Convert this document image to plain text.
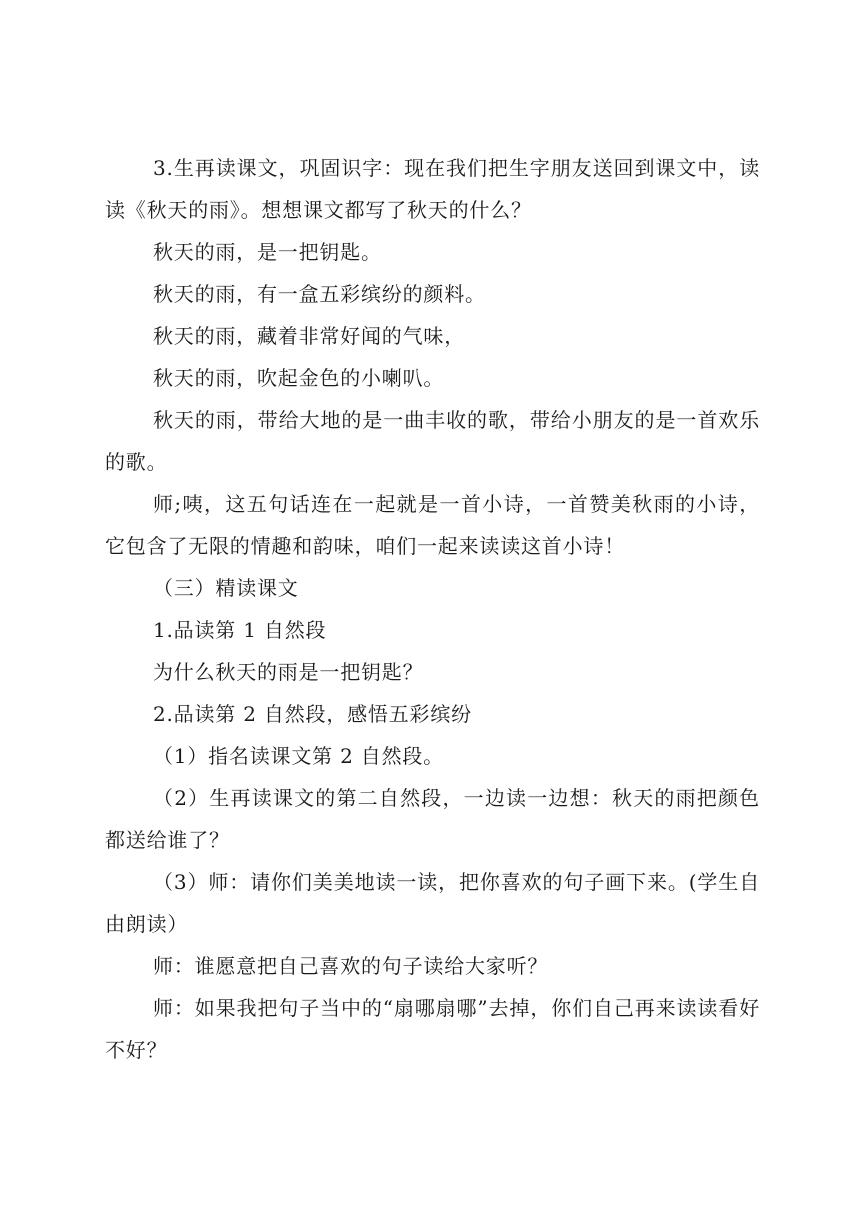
3.生再读课文，巩固识字：现在我们把生字朋友送回到课文中，读读《秋天的雨》。想想课文都写了秋天的什么？

秋天的雨，是一把钥匙。

秋天的雨，有一盒五彩缤纷的颜料。

秋天的雨，藏着非常好闻的气味，

秋天的雨，吹起金色的小喇叭。

秋天的雨，带给大地的是一曲丰收的歌，带给小朋友的是一首欢乐的歌。

师;咦，这五句话连在一起就是一首小诗，一首赞美秋雨的小诗，它包含了无限的情趣和韵味，咱们一起来读读这首小诗！

（三）精读课文

1.品读第 1 自然段

为什么秋天的雨是一把钥匙？

2.品读第 2 自然段，感悟五彩缤纷

（1）指名读课文第 2 自然段。

（2）生再读课文的第二自然段，一边读一边想：秋天的雨把颜色都送给谁了？

（3）师：请你们美美地读一读，把你喜欢的句子画下来。(学生自由朗读）

师：谁愿意把自己喜欢的句子读给大家听？

师：如果我把句子当中的“扇哪扇哪”去掉，你们自己再来读读看好不好？
